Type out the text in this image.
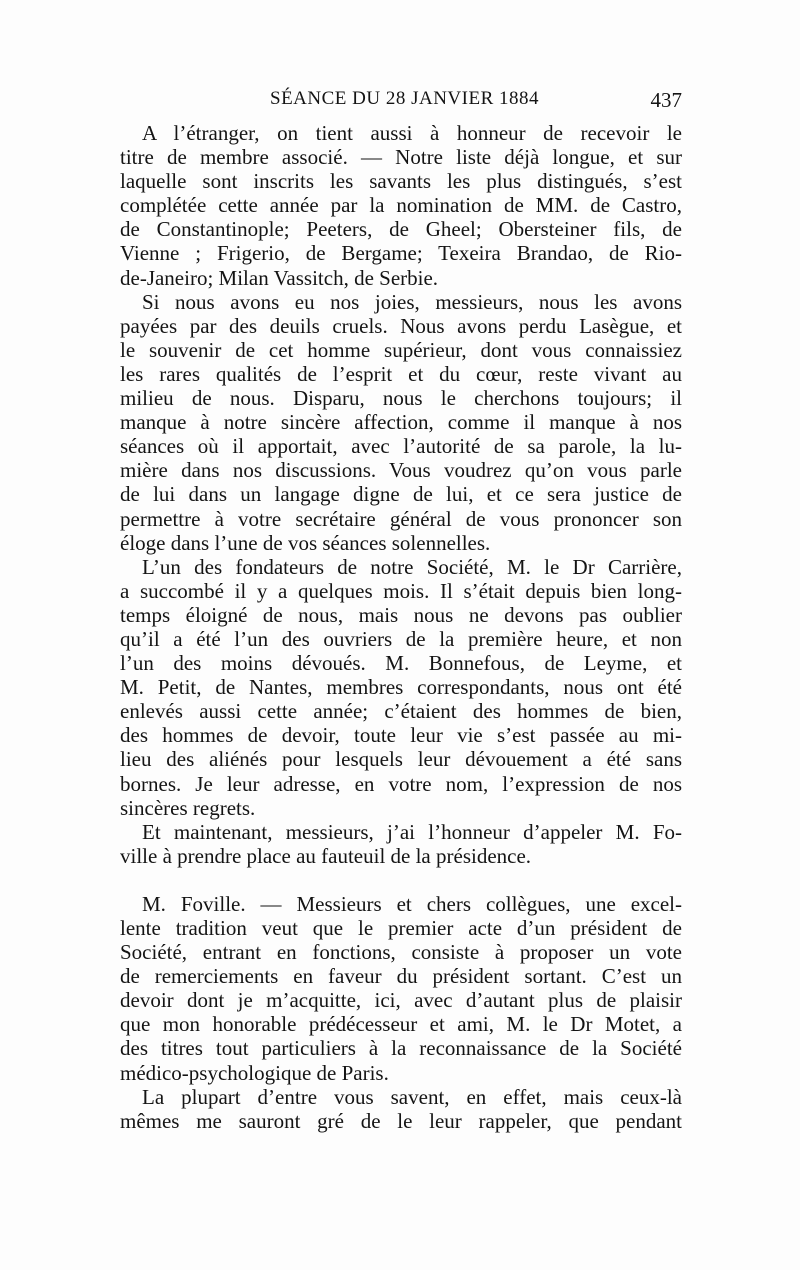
SÉANCE DU 28 JANVIER 1884	437
A l’étranger, on tient aussi à honneur de recevoir le
titre de membre associé. — Notre liste déjà longue, et sur
laquelle sont inscrits les savants les plus distingués, s’est
complétée cette année par la nomination de MM. de Castro,
de Constantinople; Peeters, de Gheel; Obersteiner fils, de
Vienne ; Frigerio, de Bergame; Texeira Brandao, de Rio-
de-Janeiro; Milan Vassitch, de Serbie.
Si nous avons eu nos joies, messieurs, nous les avons
payées par des deuils cruels. Nous avons perdu Lasègue, et
le souvenir de cet homme supérieur, dont vous connaissiez
les rares qualités de l’esprit et du cœur, reste vivant au
milieu de nous. Disparu, nous le cherchons toujours; il
manque à notre sincère affection, comme il manque à nos
séances où il apportait, avec l’autorité de sa parole, la lu-
mière dans nos discussions. Vous voudrez qu’on vous parle
de lui dans un langage digne de lui, et ce sera justice de
permettre à votre secrétaire général de vous prononcer son
éloge dans l’une de vos séances solennelles.
L’un des fondateurs de notre Société, M. le Dr Carrière,
a succombé il y a quelques mois. Il s’était depuis bien long-
temps éloigné de nous, mais nous ne devons pas oublier
qu’il a été l’un des ouvriers de la première heure, et non
l’un des moins dévoués. M. Bonnefous, de Leyme, et
M. Petit, de Nantes, membres correspondants, nous ont été
enlevés aussi cette année; c’étaient des hommes de bien,
des hommes de devoir, toute leur vie s’est passée au mi-
lieu des aliénés pour lesquels leur dévouement a été sans
bornes. Je leur adresse, en votre nom, l’expression de nos
sincères regrets.
Et maintenant, messieurs, j’ai l’honneur d’appeler M. Fo-
ville à prendre place au fauteuil de la présidence.
M. Foville. — Messieurs et chers collègues, une excel-
lente tradition veut que le premier acte d’un président de
Société, entrant en fonctions, consiste à proposer un vote
de remerciements en faveur du président sortant. C’est un
devoir dont je m’acquitte, ici, avec d’autant plus de plaisir
que mon honorable prédécesseur et ami, M. le Dr Motet, a
des titres tout particuliers à la reconnaissance de la Société
médico-psychologique de Paris.
La plupart d’entre vous savent, en effet, mais ceux-là
mêmes me sauront gré de le leur rappeler, que pendant
